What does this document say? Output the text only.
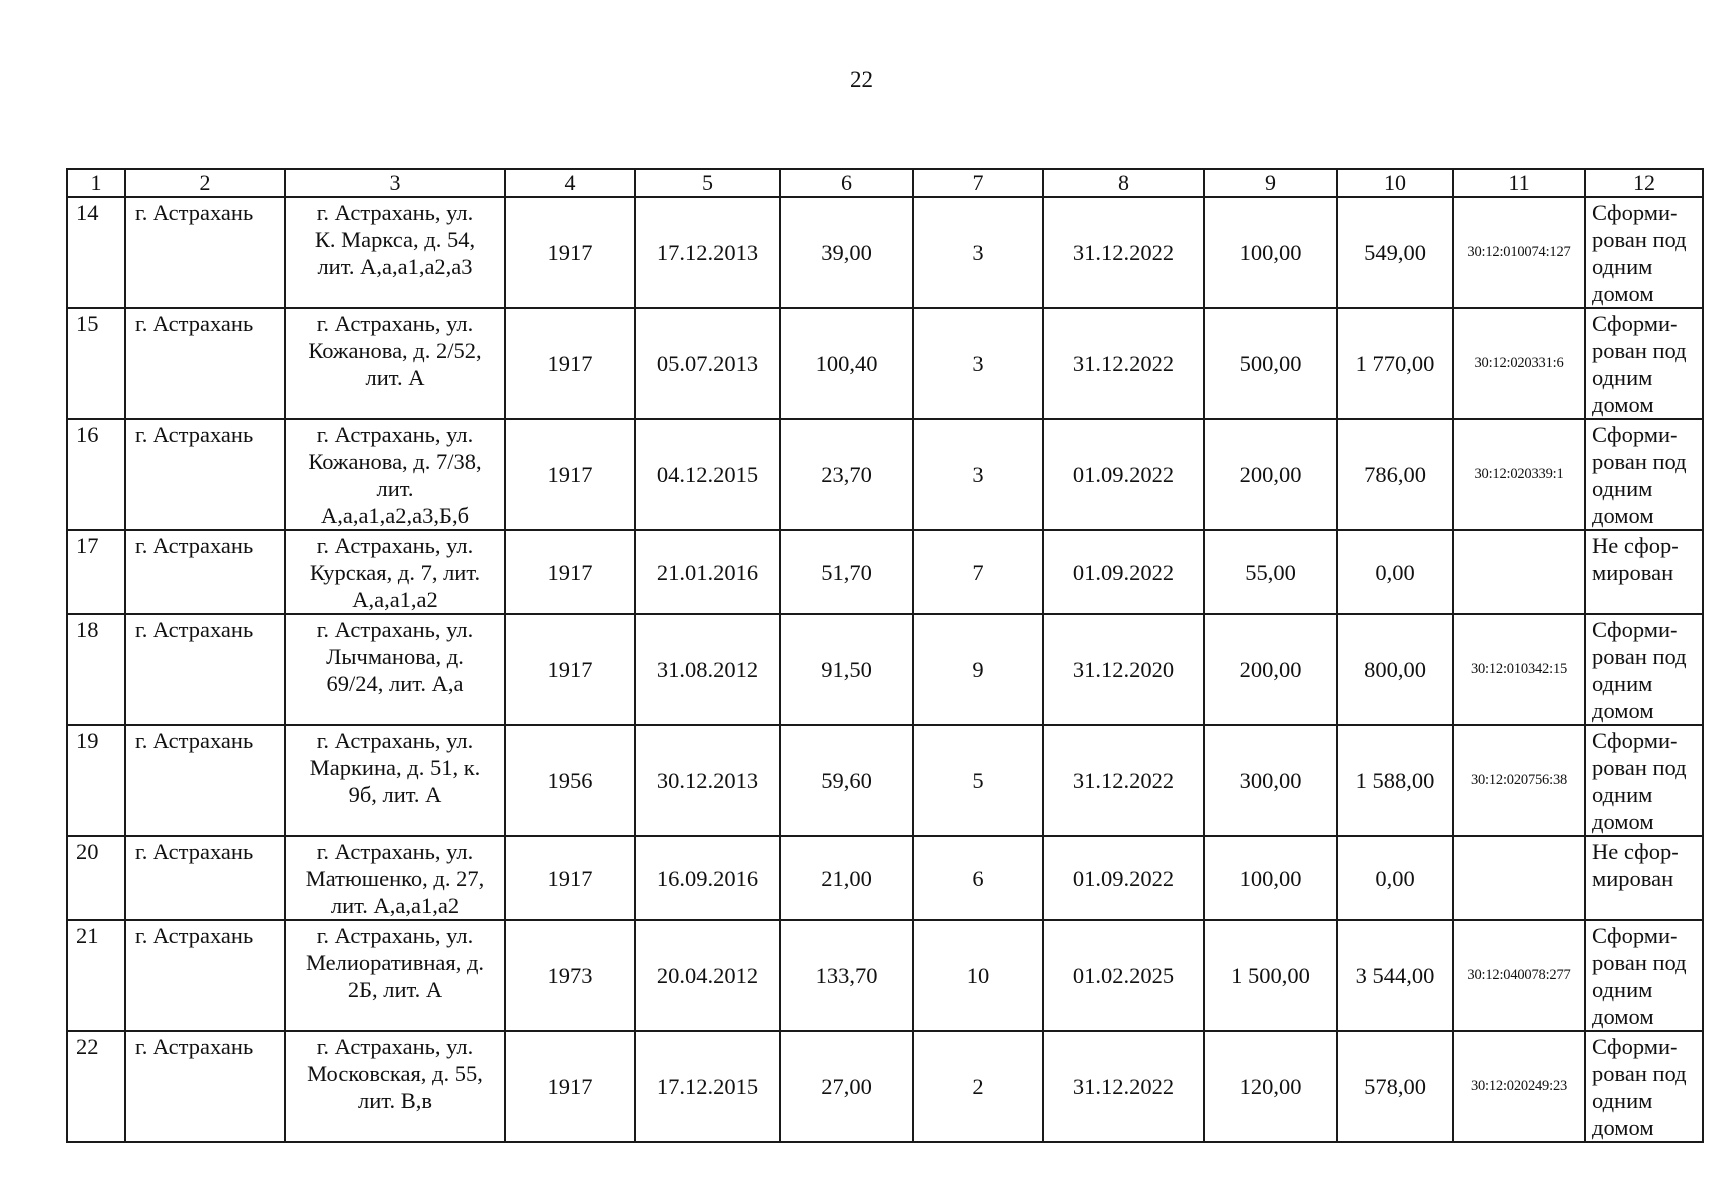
22
1	2	3	4	5	6	7	8	9	10	11	12
14	г. Астрахань	г. Астрахань, ул.
К. Маркса, д. 54,
лит. А,а,а1,а2,а3	1917	17.12.2013	39,00	3	31.12.2022	100,00	549,00	30:12:010074:127	Сформи-
рован под
одним
домом
15	г. Астрахань	г. Астрахань, ул.
Кожанова, д. 2/52,
лит. А	1917	05.07.2013	100,40	3	31.12.2022	500,00	1 770,00	30:12:020331:6	Сформи-
рован под
одним
домом
16	г. Астрахань	г. Астрахань, ул.
Кожанова, д. 7/38,
лит.
А,а,а1,а2,а3,Б,б	1917	04.12.2015	23,70	3	01.09.2022	200,00	786,00	30:12:020339:1	Сформи-
рован под
одним
домом
17	г. Астрахань	г. Астрахань, ул.
Курская, д. 7, лит.
А,а,а1,а2	1917	21.01.2016	51,70	7	01.09.2022	55,00	0,00		Не сфор-
мирован
18	г. Астрахань	г. Астрахань, ул.
Лычманова, д.
69/24, лит. А,а	1917	31.08.2012	91,50	9	31.12.2020	200,00	800,00	30:12:010342:15	Сформи-
рован под
одним
домом
19	г. Астрахань	г. Астрахань, ул.
Маркина, д. 51, к.
9б, лит. А	1956	30.12.2013	59,60	5	31.12.2022	300,00	1 588,00	30:12:020756:38	Сформи-
рован под
одним
домом
20	г. Астрахань	г. Астрахань, ул.
Матюшенко, д. 27,
лит. А,а,а1,а2	1917	16.09.2016	21,00	6	01.09.2022	100,00	0,00		Не сфор-
мирован
21	г. Астрахань	г. Астрахань, ул.
Мелиоративная, д.
2Б, лит. А	1973	20.04.2012	133,70	10	01.02.2025	1 500,00	3 544,00	30:12:040078:277	Сформи-
рован под
одним
домом
22	г. Астрахань	г. Астрахань, ул.
Московская, д. 55,
лит. В,в	1917	17.12.2015	27,00	2	31.12.2022	120,00	578,00	30:12:020249:23	Сформи-
рован под
одним
домом
